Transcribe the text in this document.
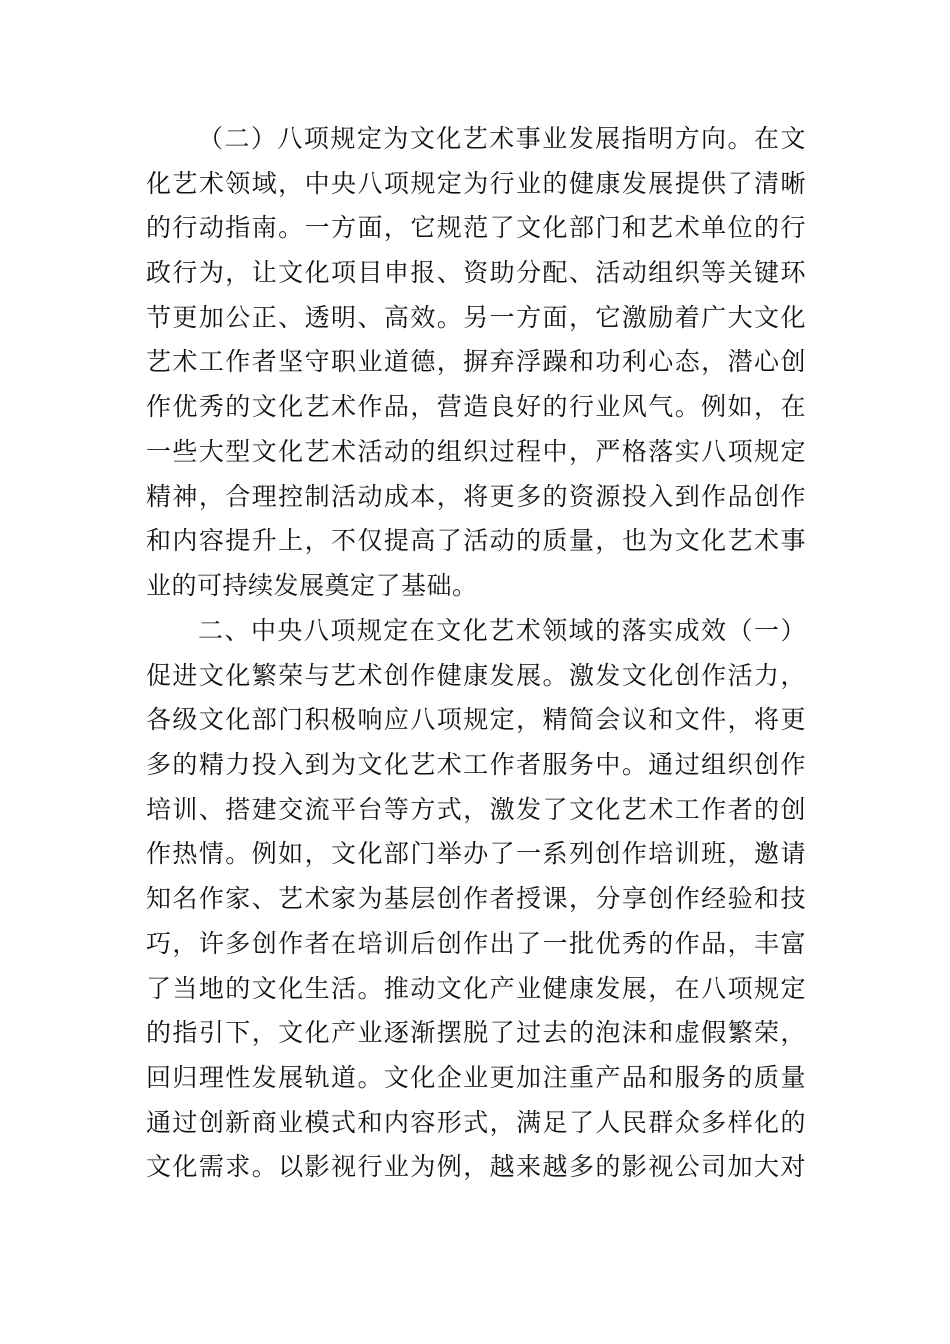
（二）八项规定为文化艺术事业发展指明方向。在文
化艺术领域，中央八项规定为行业的健康发展提供了清晰
的行动指南。一方面，它规范了文化部门和艺术单位的行
政行为，让文化项目申报、资助分配、活动组织等关键环
节更加公正、透明、高效。另一方面，它激励着广大文化
艺术工作者坚守职业道德，摒弃浮躁和功利心态，潜心创
作优秀的文化艺术作品，营造良好的行业风气。例如，在
一些大型文化艺术活动的组织过程中，严格落实八项规定
精神，合理控制活动成本，将更多的资源投入到作品创作
和内容提升上，不仅提高了活动的质量，也为文化艺术事
业的可持续发展奠定了基础。
二、中央八项规定在文化艺术领域的落实成效（一）
促进文化繁荣与艺术创作健康发展。激发文化创作活力，
各级文化部门积极响应八项规定，精简会议和文件，将更
多的精力投入到为文化艺术工作者服务中。通过组织创作
培训、搭建交流平台等方式，激发了文化艺术工作者的创
作热情。例如，文化部门举办了一系列创作培训班，邀请
知名作家、艺术家为基层创作者授课，分享创作经验和技
巧，许多创作者在培训后创作出了一批优秀的作品，丰富
了当地的文化生活。推动文化产业健康发展，在八项规定
的指引下，文化产业逐渐摆脱了过去的泡沫和虚假繁荣，
回归理性发展轨道。文化企业更加注重产品和服务的质量
通过创新商业模式和内容形式，满足了人民群众多样化的
文化需求。以影视行业为例，越来越多的影视公司加大对
